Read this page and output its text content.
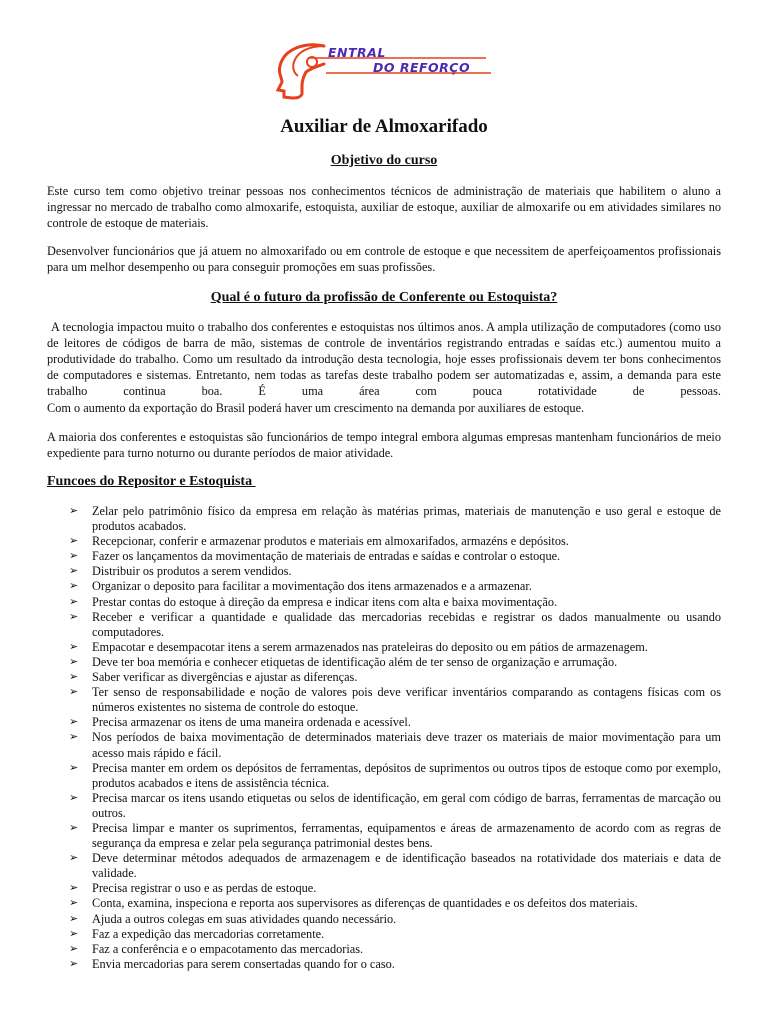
ENTRAL
DO REFORÇO
Auxiliar de Almoxarifado
Objetivo do curso
Este curso tem como objetivo treinar pessoas nos conhecimentos técnicos de administração de materiais que habilitem o aluno a ingressar no mercado de trabalho como almoxarife, estoquista, auxiliar de estoque, auxiliar de almoxarife ou em atividades similares no controle de estoque de materiais.
Desenvolver funcionários que já atuem no almoxarifado ou em controle de estoque e que necessitem de aperfeiçoamentos profissionais para um melhor desempenho ou para conseguir promoções em suas profissões.
Qual é o futuro da profissão de Conferente ou Estoquista?
A tecnologia impactou muito o trabalho dos conferentes e estoquistas nos últimos anos. A ampla utilização de computadores (como uso de leitores de códigos de barra de mão, sistemas de controle de inventários registrando entradas e saídas etc.) aumentou muito a produtividade do trabalho. Como um resultado da introdução desta tecnologia, hoje esses profissionais devem ter bons conhecimentos de computadores e sistemas. Entretanto, nem todas as tarefas deste trabalho podem ser automatizadas e, assim, a demanda para este trabalho continua boa. É uma área com pouca rotatividade de pessoas.
Com o aumento da exportação do Brasil poderá haver um crescimento na demanda por auxiliares de estoque.
A maioria dos conferentes e estoquistas são funcionários de tempo integral embora algumas empresas mantenham funcionários de meio expediente para turno noturno ou durante períodos de maior atividade.
Funcoes do Repositor e Estoquista
➢ Zelar pelo patrimônio físico da empresa em relação às matérias primas, materiais de manutenção e uso geral e estoque de produtos acabados.
➢ Recepcionar, conferir e armazenar produtos e materiais em almoxarifados, armazéns e depósitos.
➢ Fazer os lançamentos da movimentação de materiais de entradas e saídas e controlar o estoque.
➢ Distribuir os produtos a serem vendidos.
➢ Organizar o deposito para facilitar a movimentação dos itens armazenados e a armazenar.
➢ Prestar contas do estoque à direção da empresa e indicar itens com alta e baixa movimentação.
➢ Receber e verificar a quantidade e qualidade das mercadorias recebidas e registrar os dados manualmente ou usando computadores.
➢ Empacotar e desempacotar itens a serem armazenados nas prateleiras do deposito ou em pátios de armazenagem.
➢ Deve ter boa memória e conhecer etiquetas de identificação além de ter senso de organização e arrumação.
➢ Saber verificar as divergências e ajustar as diferenças.
➢ Ter senso de responsabilidade e noção de valores pois deve verificar inventários comparando as contagens físicas com os números existentes no sistema de controle do estoque.
➢ Precisa armazenar os itens de uma maneira ordenada e acessível.
➢ Nos períodos de baixa movimentação de determinados materiais deve trazer os materiais de maior movimentação para um acesso mais rápido e fácil.
➢ Precisa manter em ordem os depósitos de ferramentas, depósitos de suprimentos ou outros tipos de estoque como por exemplo, produtos acabados e itens de assistência técnica.
➢ Precisa marcar os itens usando etiquetas ou selos de identificação, em geral com código de barras, ferramentas de marcação ou outros.
➢ Precisa limpar e manter os suprimentos, ferramentas, equipamentos e áreas de armazenamento de acordo com as regras de segurança da empresa e zelar pela segurança patrimonial destes bens.
➢ Deve determinar métodos adequados de armazenagem e de identificação baseados na rotatividade dos materiais e data de validade.
➢ Precisa registrar o uso e as perdas de estoque.
➢ Conta, examina, inspeciona e reporta aos supervisores as diferenças de quantidades e os defeitos dos materiais.
➢ Ajuda a outros colegas em suas atividades quando necessário.
➢ Faz a expedição das mercadorias corretamente.
➢ Faz a conferência e o empacotamento das mercadorias.
➢ Envia mercadorias para serem consertadas quando for o caso.
